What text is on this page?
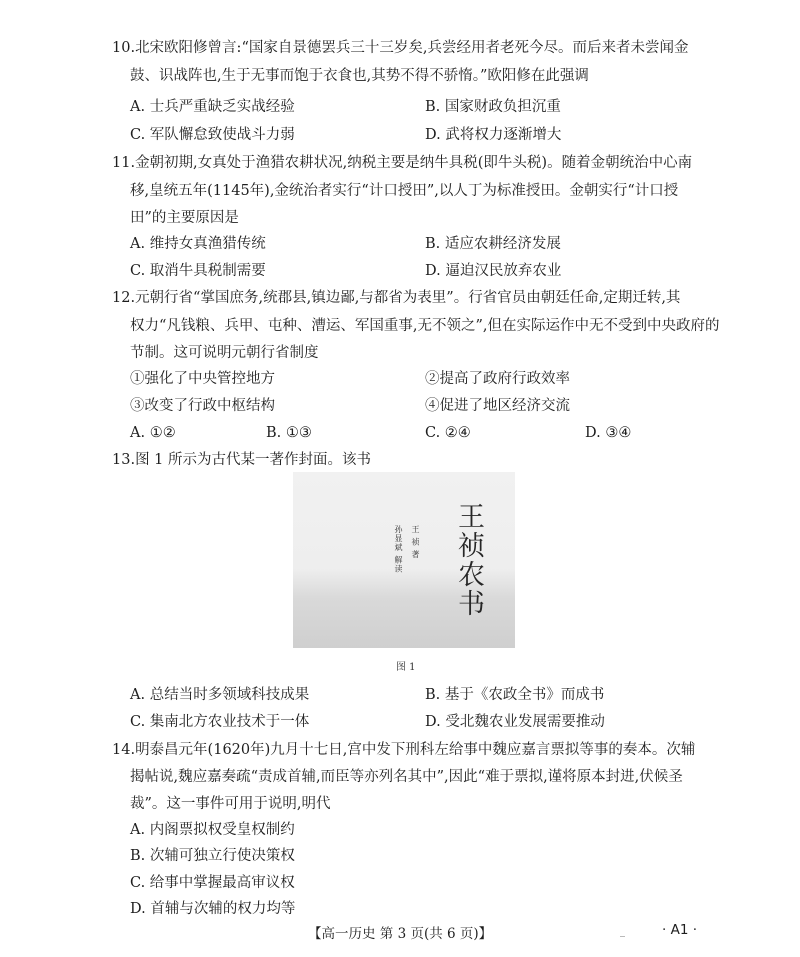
10.北宋欧阳修曾言:“国家自景德罢兵三十三岁矣,兵尝经用者老死今尽。而后来者未尝闻金
鼓、识战阵也,生于无事而饱于衣食也,其势不得不骄惰。”欧阳修在此强调
A. 士兵严重缺乏实战经验	B. 国家财政负担沉重
C. 军队懈怠致使战斗力弱	D. 武将权力逐渐增大
11.金朝初期,女真处于渔猎农耕状况,纳税主要是纳牛具税(即牛头税)。随着金朝统治中心南
移,皇统五年(1145年),金统治者实行“计口授田”,以人丁为标准授田。金朝实行“计口授
田”的主要原因是
A. 维持女真渔猎传统	B. 适应农耕经济发展
C. 取消牛具税制需要	D. 逼迫汉民放弃农业
12.元朝行省“掌国庶务,统郡县,镇边鄙,与都省为表里”。行省官员由朝廷任命,定期迁转,其
权力“凡钱粮、兵甲、屯种、漕运、军国重事,无不领之”,但在实际运作中无不受到中央政府的
节制。这可说明元朝行省制度
①强化了中央管控地方	②提高了政府行政效率
③改变了行政中枢结构	④促进了地区经济交流
A. ①②	B. ①③	C. ②④	D. ③④
13.图 1 所示为古代某一著作封面。该书
王祯农书
王 祯 著
孙显斌 解读
图 1
A. 总结当时多领域科技成果	B. 基于《农政全书》而成书
C. 集南北方农业技术于一体	D. 受北魏农业发展需要推动
14.明泰昌元年(1620年)九月十七日,宫中发下刑科左给事中魏应嘉言票拟等事的奏本。次辅
揭帖说,魏应嘉奏疏“责成首辅,而臣等亦列名其中”,因此“难于票拟,谨将原本封进,伏候圣
裁”。这一事件可用于说明,明代
A. 内阁票拟权受皇权制约
B. 次辅可独立行使决策权
C. 给事中掌握最高审议权
D. 首辅与次辅的权力均等
【高一历史 第 3 页(共 6 页)】	_	· A1 ·
